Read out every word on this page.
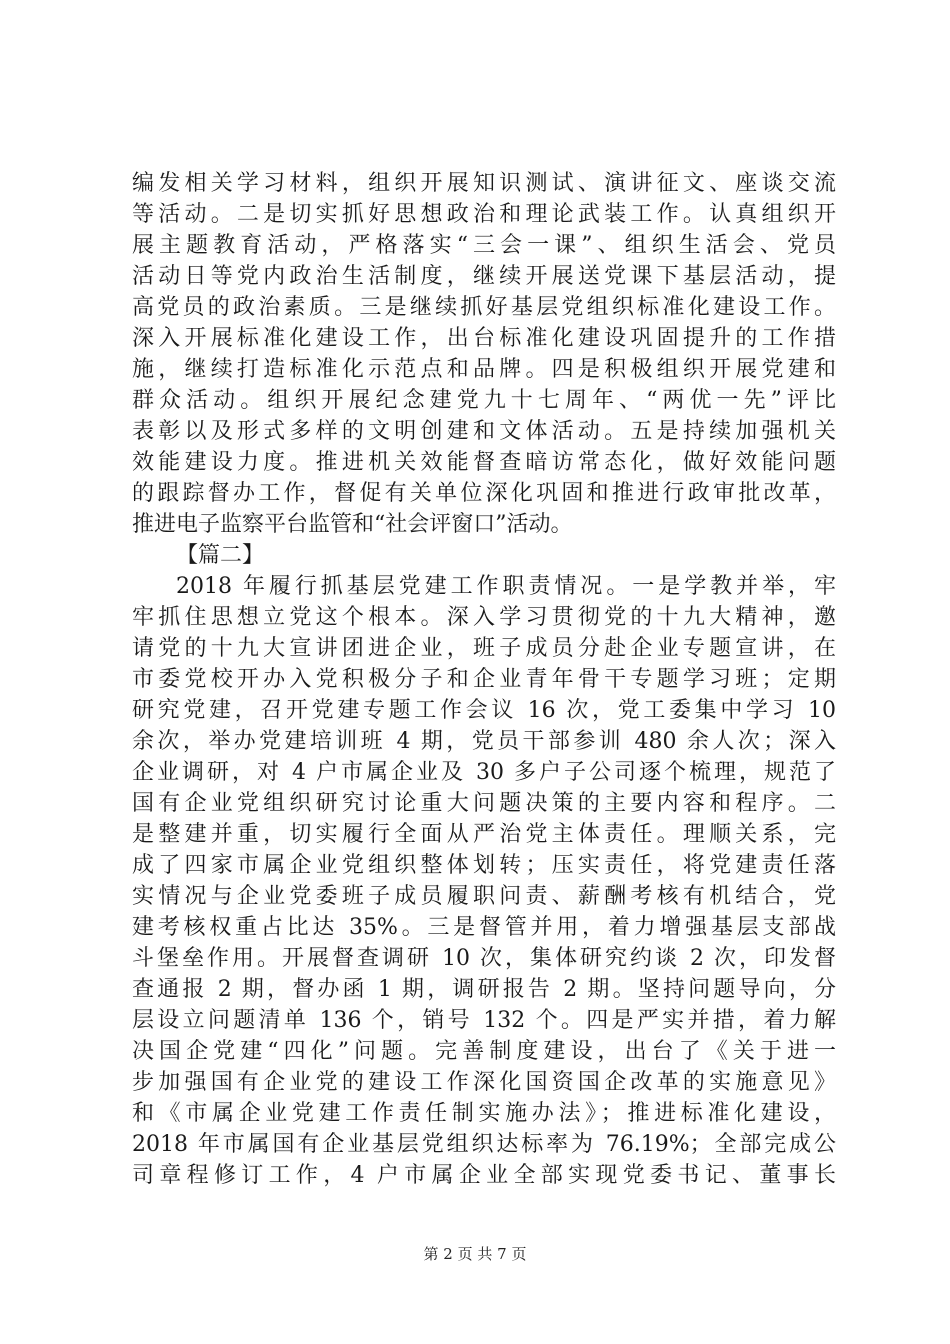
编发相关学习材料，组织开展知识测试、演讲征文、座谈交流
等活动。二是切实抓好思想政治和理论武装工作。认真组织开
展主题教育活动，严格落实“三会一课”、组织生活会、党员
活动日等党内政治生活制度，继续开展送党课下基层活动，提
高党员的政治素质。三是继续抓好基层党组织标准化建设工作。
深入开展标准化建设工作，出台标准化建设巩固提升的工作措
施，继续打造标准化示范点和品牌。四是积极组织开展党建和
群众活动。组织开展纪念建党九十七周年、“两优一先”评比
表彰以及形式多样的文明创建和文体活动。五是持续加强机关
效能建设力度。推进机关效能督查暗访常态化，做好效能问题
的跟踪督办工作，督促有关单位深化巩固和推进行政审批改革，
推进电子监察平台监管和“社会评窗口”活动。
【篇二】
2018 年履行抓基层党建工作职责情况。一是学教并举，牢
牢抓住思想立党这个根本。深入学习贯彻党的十九大精神，邀
请党的十九大宣讲团进企业，班子成员分赴企业专题宣讲，在
市委党校开办入党积极分子和企业青年骨干专题学习班；定期
研究党建，召开党建专题工作会议 16 次，党工委集中学习 10
余次，举办党建培训班 4 期，党员干部参训 480 余人次；深入
企业调研，对 4 户市属企业及 30 多户子公司逐个梳理，规范了
国有企业党组织研究讨论重大问题决策的主要内容和程序。二
是整建并重，切实履行全面从严治党主体责任。理顺关系，完
成了四家市属企业党组织整体划转；压实责任，将党建责任落
实情况与企业党委班子成员履职问责、薪酬考核有机结合，党
建考核权重占比达 35%。三是督管并用，着力增强基层支部战
斗堡垒作用。开展督查调研 10 次，集体研究约谈 2 次，印发督
查通报 2 期，督办函 1 期，调研报告 2 期。坚持问题导向，分
层设立问题清单 136 个，销号 132 个。四是严实并措，着力解
决国企党建“四化”问题。完善制度建设，出台了《关于进一
步加强国有企业党的建设工作深化国资国企改革的实施意见》
和《市属企业党建工作责任制实施办法》；推进标准化建设，
2018 年市属国有企业基层党组织达标率为 76.19%；全部完成公
司章程修订工作，4 户市属企业全部实现党委书记、董事长
第 2 页 共 7 页
